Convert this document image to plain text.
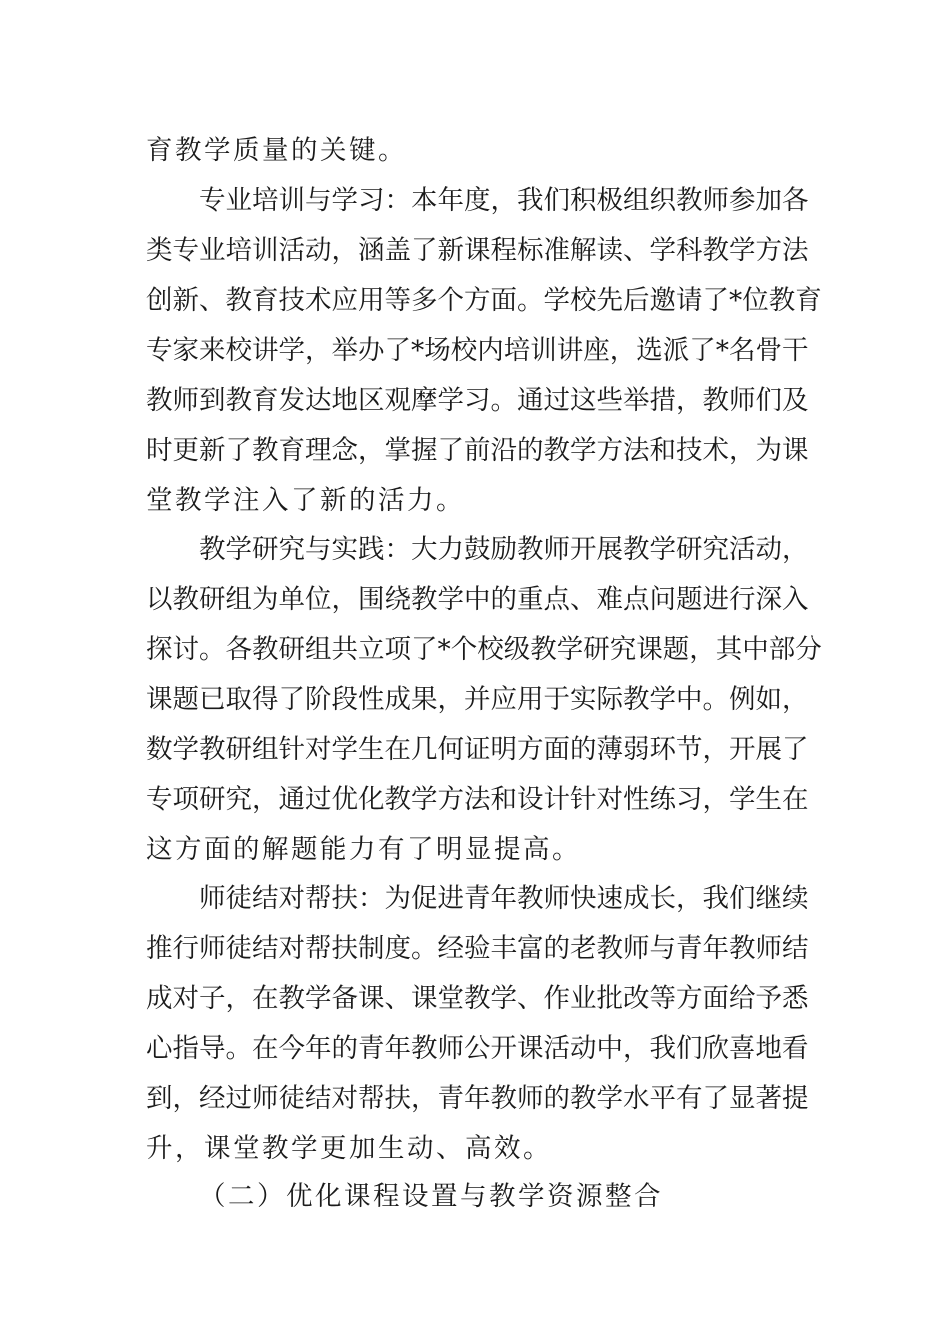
育教学质量的关键。
专业培训与学习：本年度，我们积极组织教师参加各
类专业培训活动，涵盖了新课程标准解读、学科教学方法
创新、教育技术应用等多个方面。学校先后邀请了*位教育
专家来校讲学，举办了*场校内培训讲座，选派了*名骨干
教师到教育发达地区观摩学习。通过这些举措，教师们及
时更新了教育理念，掌握了前沿的教学方法和技术，为课
堂教学注入了新的活力。
教学研究与实践：大力鼓励教师开展教学研究活动，
以教研组为单位，围绕教学中的重点、难点问题进行深入
探讨。各教研组共立项了*个校级教学研究课题，其中部分
课题已取得了阶段性成果，并应用于实际教学中。例如，
数学教研组针对学生在几何证明方面的薄弱环节，开展了
专项研究，通过优化教学方法和设计针对性练习，学生在
这方面的解题能力有了明显提高。
师徒结对帮扶：为促进青年教师快速成长，我们继续
推行师徒结对帮扶制度。经验丰富的老教师与青年教师结
成对子，在教学备课、课堂教学、作业批改等方面给予悉
心指导。在今年的青年教师公开课活动中，我们欣喜地看
到，经过师徒结对帮扶，青年教师的教学水平有了显著提
升，课堂教学更加生动、高效。
（二）优化课程设置与教学资源整合
